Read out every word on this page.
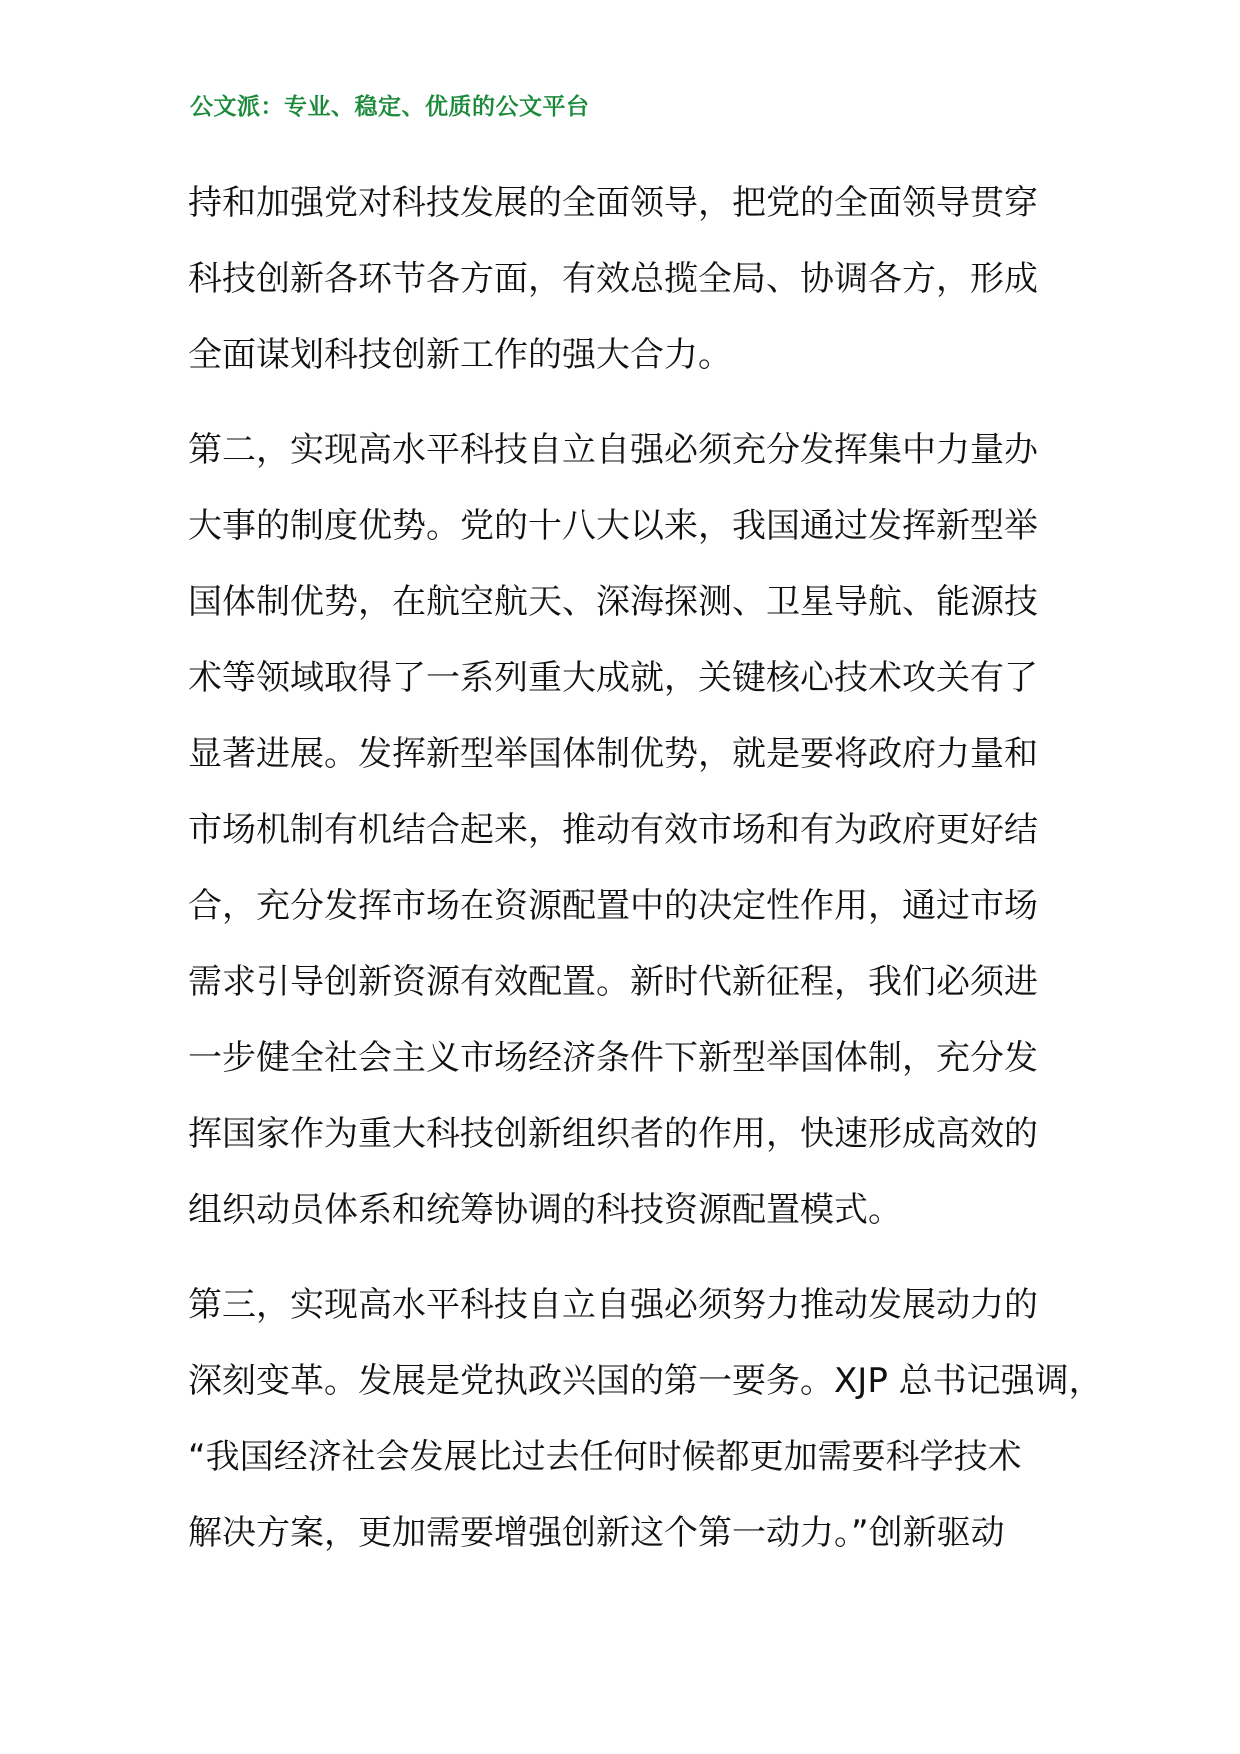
公文派：专业、稳定、优质的公文平台

持和加强党对科技发展的全面领导，把党的全面领导贯穿
科技创新各环节各方面，有效总揽全局、协调各方，形成
全面谋划科技创新工作的强大合力。

第二，实现高水平科技自立自强必须充分发挥集中力量办
大事的制度优势。党的十八大以来，我国通过发挥新型举
国体制优势，在航空航天、深海探测、卫星导航、能源技
术等领域取得了一系列重大成就，关键核心技术攻关有了
显著进展。发挥新型举国体制优势，就是要将政府力量和
市场机制有机结合起来，推动有效市场和有为政府更好结
合，充分发挥市场在资源配置中的决定性作用，通过市场
需求引导创新资源有效配置。新时代新征程，我们必须进
一步健全社会主义市场经济条件下新型举国体制，充分发
挥国家作为重大科技创新组织者的作用，快速形成高效的
组织动员体系和统筹协调的科技资源配置模式。

第三，实现高水平科技自立自强必须努力推动发展动力的
深刻变革。发展是党执政兴国的第一要务。XJP 总书记强调，
“我国经济社会发展比过去任何时候都更加需要科学技术
解决方案，更加需要增强创新这个第一动力。”创新驱动
